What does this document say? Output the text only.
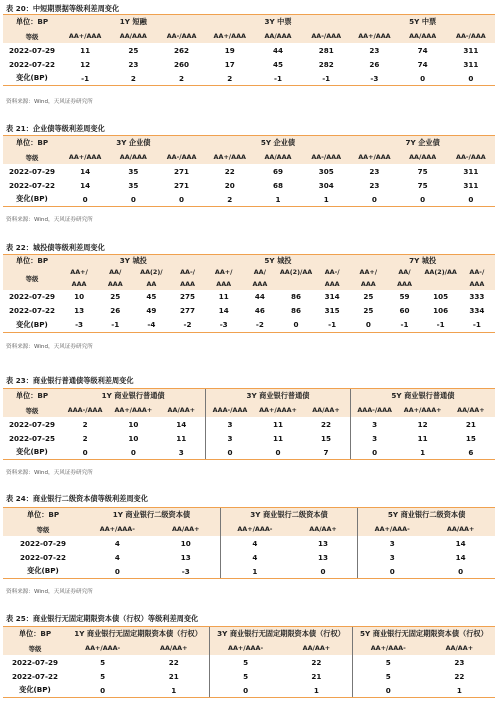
表 20：中短期票据等级利差周变化
单位：BP	1Y 短融			3Y 中票			5Y 中票		
等级	AA+/AAA	AA/AAA	AA-/AAA	AA+/AAA	AA/AAA	AA-/AAA	AA+/AAA	AA/AAA	AA-/AAA
2022-07-29	11	25	262	19	44	281	23	74	311
2022-07-22	12	23	260	17	45	282	26	74	311
变化(BP)	-1	2	2	2	-1	-1	-3	0	0
资料来源：Wind，天风证券研究所
表 21：企业债等级利差周变化
单位：BP	3Y 企业债			5Y 企业债			7Y 企业债		
等级	AA+/AAA	AA/AAA	AA-/AAA	AA+/AAA	AA/AAA	AA-/AAA	AA+/AAA	AA/AAA	AA-/AAA
2022-07-29	14	35	271	22	69	305	23	75	311
2022-07-22	14	35	271	20	68	304	23	75	311
变化(BP)	0	0	0	2	1	1	0	0	0
资料来源：Wind，天风证券研究所
表 22：城投债等级利差周变化
单位：BP	3Y 城投				5Y 城投				7Y 城投			
等级	AA+/	AA/	AA(2)/	AA-/	AA+/	AA/	AA(2)/AA	AA-/	AA+/	AA/	AA(2)/AA	AA-/
	AAA	AAA	AA	AAA	AAA	AAA		AAA	AAA	AAA		AAA
2022-07-29	10	25	45	275	11	44	86	314	25	59	105	333
2022-07-22	13	26	49	277	14	46	86	315	25	60	106	334
变化(BP)	-3	-1	-4	-2	-3	-2	0	-1	0	-1	-1	-1
资料来源：Wind，天风证券研究所
表 23：商业银行普通债等级利差周变化
单位：BP	1Y 商业银行普通债			3Y 商业银行普通债			5Y 商业银行普通债		
等级	AAA-/AAA	AA+/AAA+	AA/AA+	AAA-/AAA	AA+/AAA+	AA/AA+	AAA-/AAA	AA+/AAA+	AA/AA+
2022-07-29	2	10	14	3	11	22	3	12	21
2022-07-25	2	10	11	3	11	15	3	11	15
变化(BP)	0	0	3	0	0	7	0	1	6
资料来源：Wind，天风证券研究所
表 24：商业银行二级资本债等级利差周变化
单位：BP	1Y 商业银行二级资本债		3Y 商业银行二级资本债		5Y 商业银行二级资本债	
等级	AA+/AAA-	AA/AA+	AA+/AAA-	AA/AA+	AA+/AAA-	AA/AA+
2022-07-29	4	10	4	13	3	14
2022-07-22	4	13	4	13	3	14
变化(BP)	0	-3	1	0	0	0
资料来源：Wind，天风证券研究所
表 25：商业银行无固定期限资本债（行权）等级利差周变化
单位：BP	1Y 商业银行无固定期限资本债（行权）		3Y 商业银行无固定期限资本债（行权）		5Y 商业银行无固定期限资本债（行权）	
等级	AA+/AAA-	AA/AA+	AA+/AAA-	AA/AA+	AA+/AAA-	AA/AA+
2022-07-29	5	22	5	22	5	23
2022-07-22	5	21	5	21	5	22
变化(BP)	0	1	0	1	0	1
